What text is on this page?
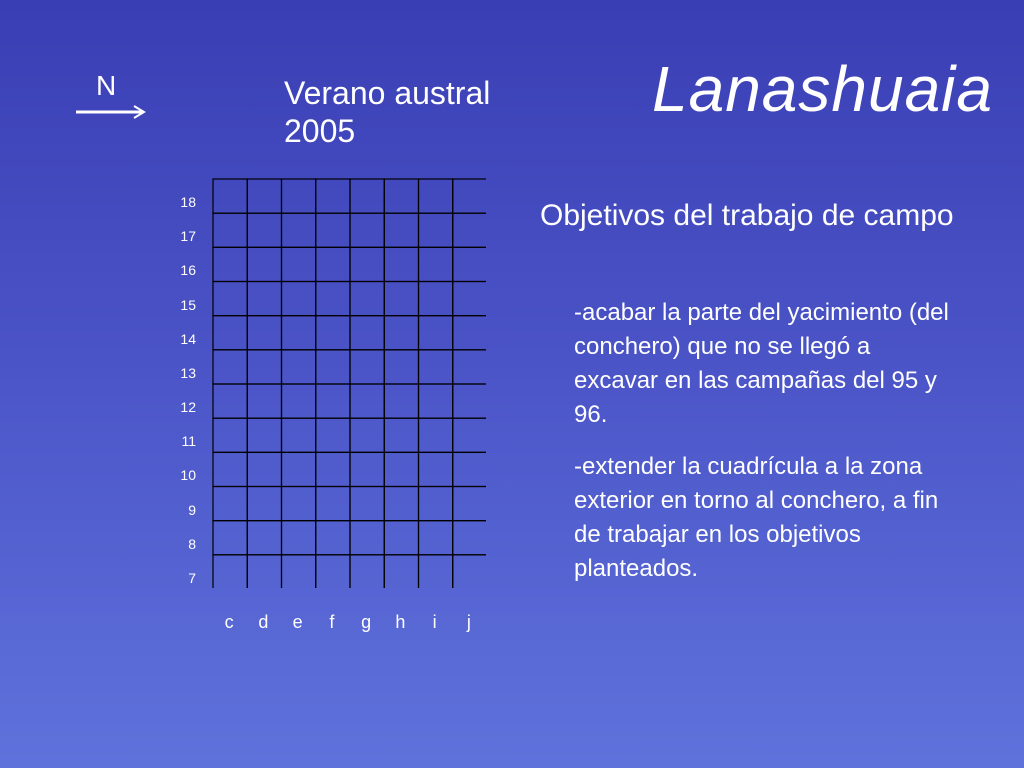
N	Verano austral
2005
Lanashuaia
18
17
16
15
14
13
12
11
10
9
8
7
c	d e	f	g h	i	j
Objetivos del trabajo de campo
-acabar la parte del yacimiento (del conchero) que no se llegó a excavar en las campañas del 95 y 96.
-extender la cuadrícula a la zona exterior en torno al conchero, a fin de trabajar en los objetivos planteados.
